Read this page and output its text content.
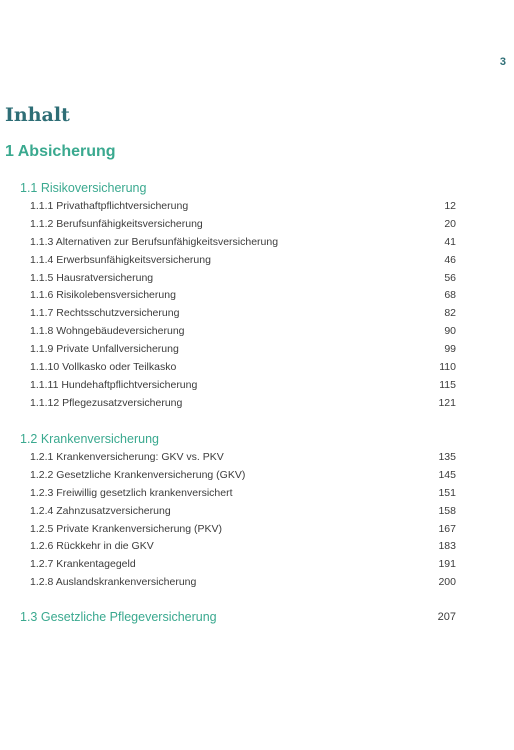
3
Inhalt
1 Absicherung
1.1 Risikoversicherung
1.1.1 Privathaftpflichtversicherung	12
1.1.2 Berufsunfähigkeitsversicherung	20
1.1.3 Alternativen zur Berufsunfähigkeitsversicherung	41
1.1.4 Erwerbsunfähigkeitsversicherung	46
1.1.5 Hausratversicherung	56
1.1.6 Risikolebensversicherung	68
1.1.7 Rechtsschutzversicherung	82
1.1.8 Wohngebäudeversicherung	90
1.1.9 Private Unfallversicherung	99
1.1.10 Vollkasko oder Teilkasko	110
1.1.11 Hundehaftpflichtversicherung	115
1.1.12 Pflegezusatzversicherung	121
1.2 Krankenversicherung
1.2.1 Krankenversicherung: GKV vs. PKV	135
1.2.2 Gesetzliche Krankenversicherung (GKV)	145
1.2.3 Freiwillig gesetzlich krankenversichert	151
1.2.4 Zahnzusatzversicherung	158
1.2.5 Private Krankenversicherung (PKV)	167
1.2.6 Rückkehr in die GKV	183
1.2.7 Krankentagegeld	191
1.2.8 Auslandskrankenversicherung	200
1.3 Gesetzliche Pflegeversicherung	207
